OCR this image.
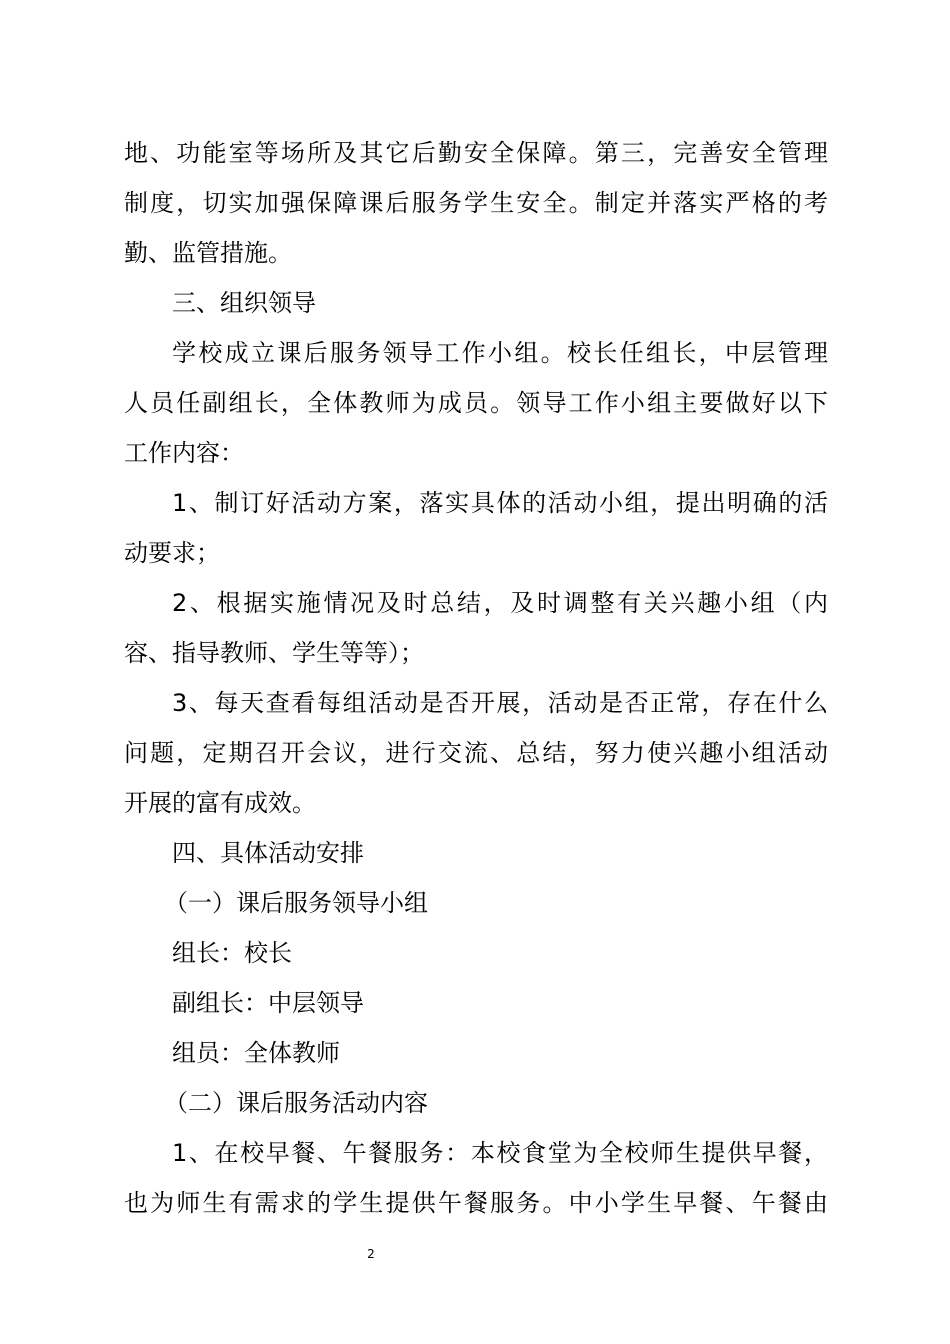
地、功能室等场所及其它后勤安全保障。第三，完善安全管理
制度，切实加强保障课后服务学生安全。制定并落实严格的考
勤、监管措施。
三、组织领导
学校成立课后服务领导工作小组。校长任组长，中层管理
人员任副组长，全体教师为成员。领导工作小组主要做好以下
工作内容：
1、制订好活动方案，落实具体的活动小组，提出明确的活
动要求；
2、根据实施情况及时总结，及时调整有关兴趣小组（内
容、指导教师、学生等等）；
3、每天查看每组活动是否开展，活动是否正常，存在什么
问题，定期召开会议，进行交流、总结，努力使兴趣小组活动
开展的富有成效。
四、具体活动安排
（一）课后服务领导小组
组长：校长
副组长：中层领导
组员：全体教师
（二）课后服务活动内容
1、在校早餐、午餐服务：本校食堂为全校师生提供早餐，
也为师生有需求的学生提供午餐服务。中小学生早餐、午餐由
2
